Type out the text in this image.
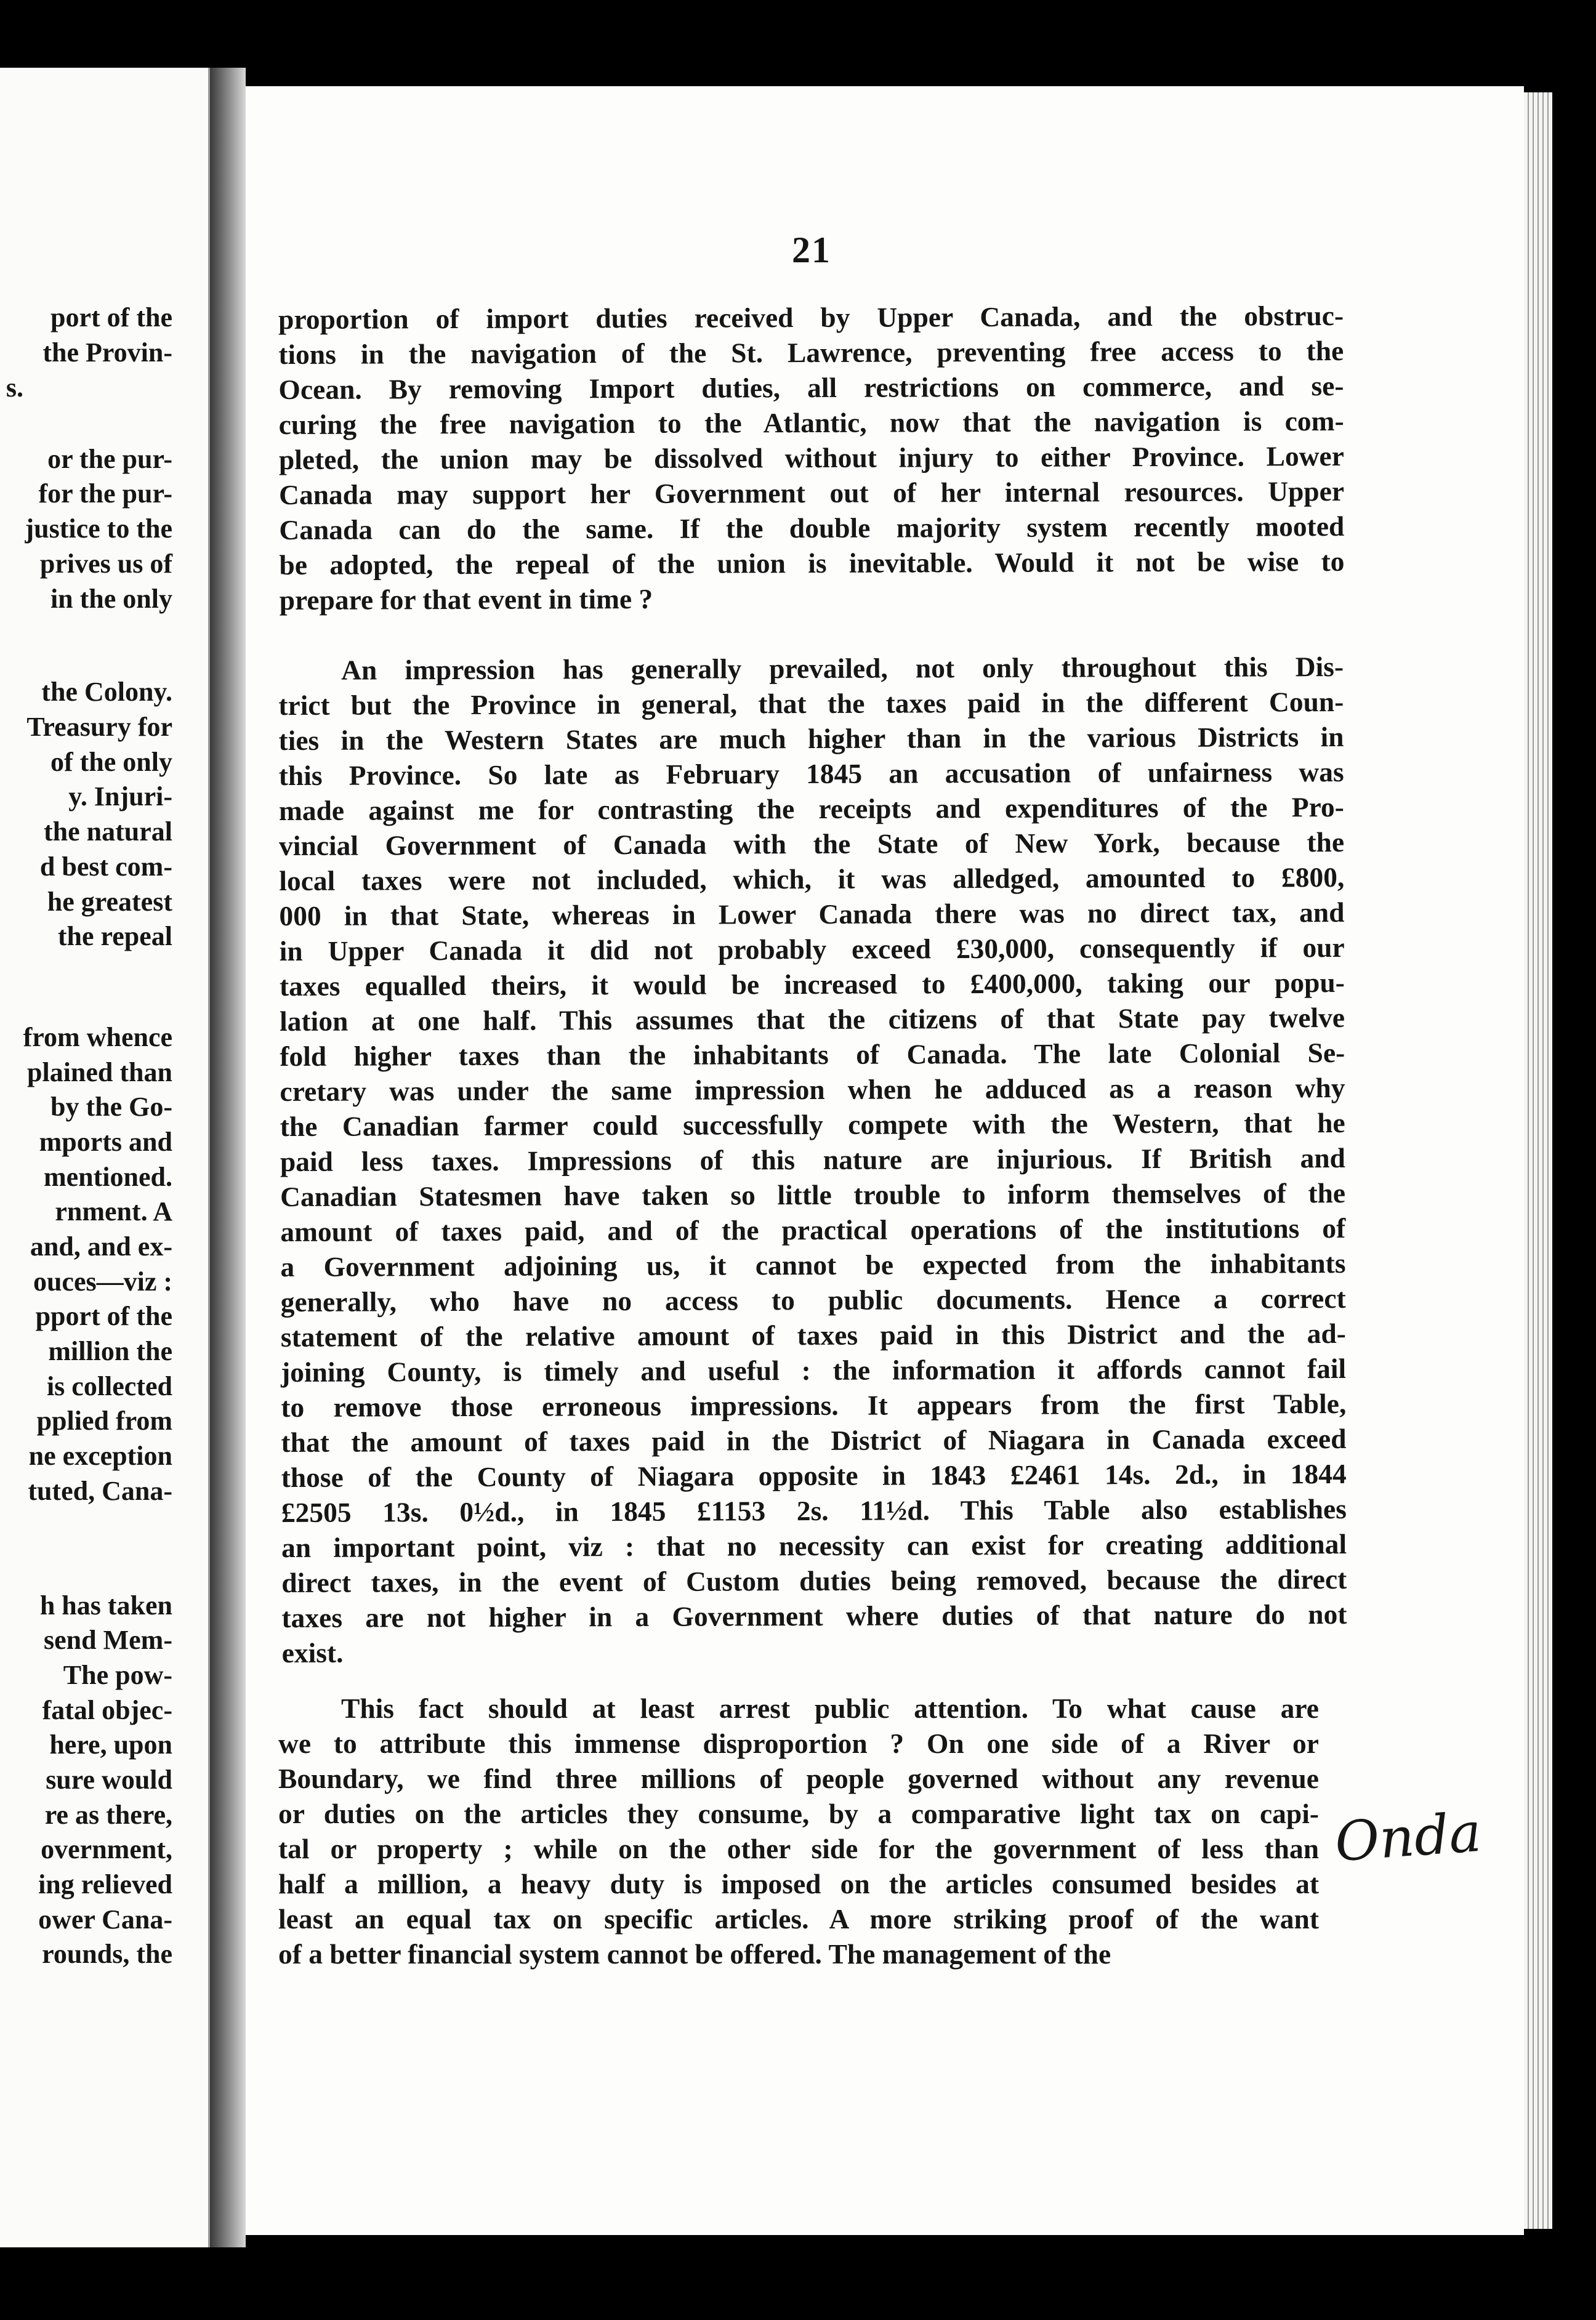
port of the
the Provin-
s.
or the pur-
for the pur-
justice to the
prives us of
in the only
the Colony.
Treasury for
of the only
y. Injuri-
the natural
d best com-
he greatest
the repeal
from whence
plained than
by the Go-
mports and
mentioned.
rnment. A
and, and ex-
ouces—viz :
pport of the
million the
is collected
pplied from
ne exception
tuted, Cana-
h has taken
send Mem-
The pow-
fatal objec-
here, upon
sure would
re as there,
overnment,
ing relieved
ower Cana-
rounds, the
21
proportion of import duties received by Upper Canada, and the obstruc-
tions in the navigation of the St. Lawrence, preventing free access to the
Ocean. By removing Import duties, all restrictions on commerce, and se-
curing the free navigation to the Atlantic, now that the navigation is com-
pleted, the union may be dissolved without injury to either Province. Lower
Canada may support her Government out of her internal resources. Upper
Canada can do the same. If the double majority system recently mooted
be adopted, the repeal of the union is inevitable. Would it not be wise to
prepare for that event in time ?
An impression has generally prevailed, not only throughout this Dis-
trict but the Province in general, that the taxes paid in the different Coun-
ties in the Western States are much higher than in the various Districts in
this Province. So late as February 1845 an accusation of unfairness was
made against me for contrasting the receipts and expenditures of the Pro-
vincial Government of Canada with the State of New York, because the
local taxes were not included, which, it was alledged, amounted to £800,
000 in that State, whereas in Lower Canada there was no direct tax, and
in Upper Canada it did not probably exceed £30,000, consequently if our
taxes equalled theirs, it would be increased to £400,000, taking our popu-
lation at one half. This assumes that the citizens of that State pay twelve
fold higher taxes than the inhabitants of Canada. The late Colonial Se-
cretary was under the same impression when he adduced as a reason why
the Canadian farmer could successfully compete with the Western, that he
paid less taxes. Impressions of this nature are injurious. If British and
Canadian Statesmen have taken so little trouble to inform themselves of the
amount of taxes paid, and of the practical operations of the institutions of
a Government adjoining us, it cannot be expected from the inhabitants
generally, who have no access to public documents. Hence a correct
statement of the relative amount of taxes paid in this District and the ad-
joining County, is timely and useful : the information it affords cannot fail
to remove those erroneous impressions. It appears from the first Table,
that the amount of taxes paid in the District of Niagara in Canada exceed
those of the County of Niagara opposite in 1843 £2461 14s. 2d., in 1844
£2505 13s. 0½d., in 1845 £1153 2s. 11½d. This Table also establishes
an important point, viz : that no necessity can exist for creating additional
direct taxes, in the event of Custom duties being removed, because the direct
taxes are not higher in a Government where duties of that nature do not
exist.
This fact should at least arrest public attention. To what cause are
we to attribute this immense disproportion ? On one side of a River or
Boundary, we find three millions of people governed without any revenue
or duties on the articles they consume, by a comparative light tax on capi-
tal or property ; while on the other side for the government of less than
half a million, a heavy duty is imposed on the articles consumed besides at
least an equal tax on specific articles. A more striking proof of the want
of a better financial system cannot be offered. The management of the
Onda
